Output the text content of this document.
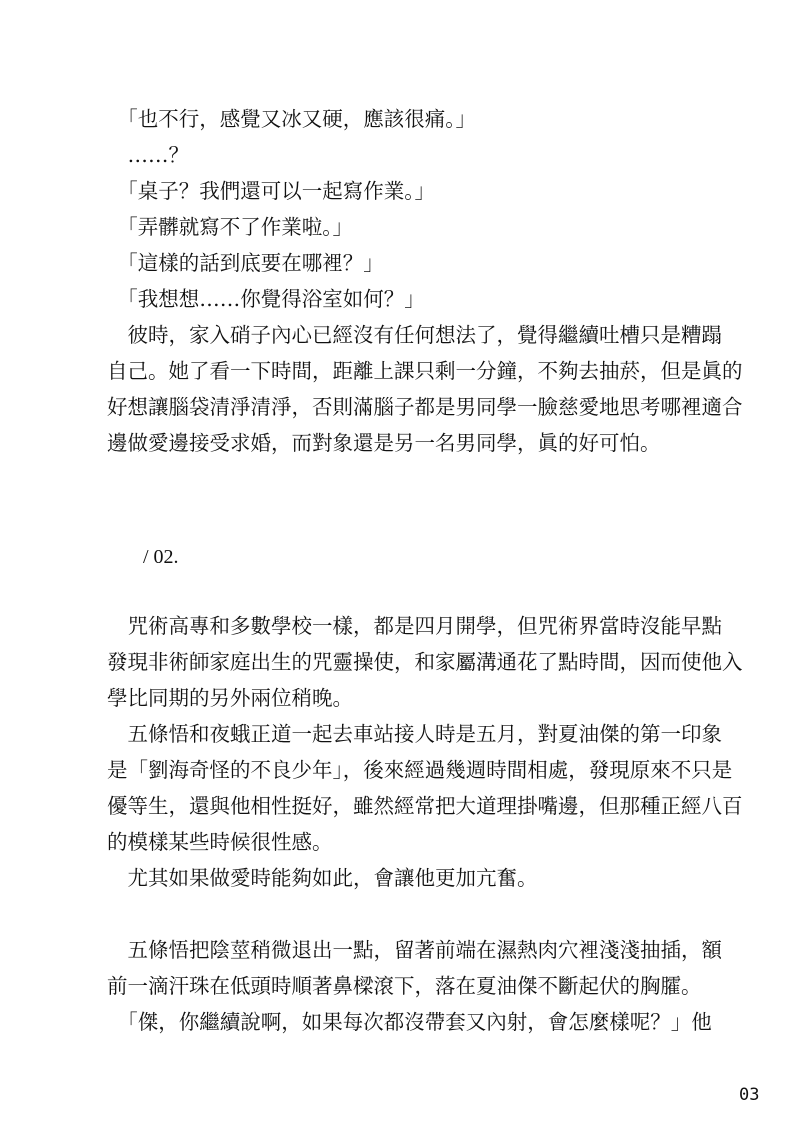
　「也不行，感覺又冰又硬，應該很痛。」
　……？
　「桌子？我們還可以一起寫作業。」
　「弄髒就寫不了作業啦。」
　「這樣的話到底要在哪裡？」
　「我想想……你覺得浴室如何？」
　彼時，家入硝子內心已經沒有任何想法了，覺得繼續吐槽只是糟蹋
自己。她了看一下時間，距離上課只剩一分鐘，不夠去抽菸，但是眞的
好想讓腦袋清淨清淨，否則滿腦子都是男同學一臉慈愛地思考哪裡適合
邊做愛邊接受求婚，而對象還是另一名男同學，眞的好可怕。
/ 02.
　咒術高專和多數學校一樣，都是四月開學，但咒術界當時沒能早點
發現非術師家庭出生的咒靈操使，和家屬溝通花了點時間，因而使他入
學比同期的另外兩位稍晚。
　五條悟和夜蛾正道一起去車站接人時是五月，對夏油傑的第一印象
是「劉海奇怪的不良少年」，後來經過幾週時間相處，發現原來不只是
優等生，還與他相性挺好，雖然經常把大道理掛嘴邊，但那種正經八百
的模樣某些時候很性感。
　尤其如果做愛時能夠如此，會讓他更加亢奮。
　五條悟把陰莖稍微退出一點，留著前端在濕熱肉穴裡淺淺抽插，額
前一滴汗珠在低頭時順著鼻樑滾下，落在夏油傑不斷起伏的胸臛。
　「傑，你繼續說啊，如果每次都沒帶套又內射，會怎麼樣呢？」他
03
